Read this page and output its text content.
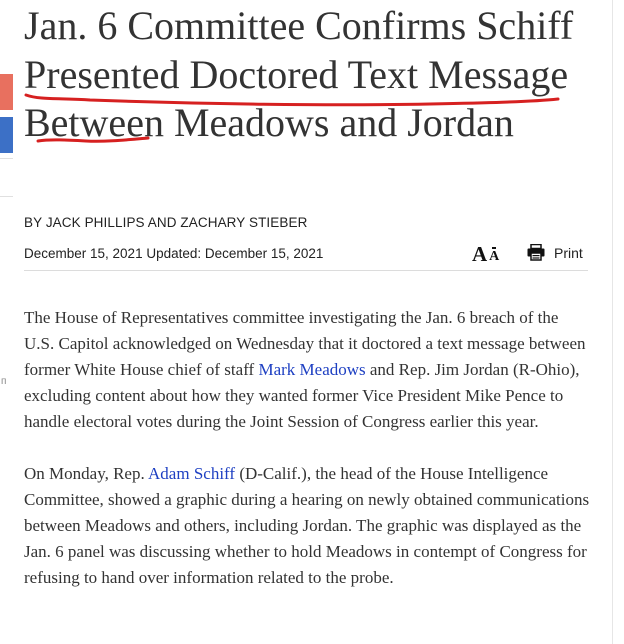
п
Jan. 6 Committee Confirms Schiff Presented Doctored Text Message Between Meadows and Jordan
BY JACK PHILLIPS AND ZACHARY STIEBER
December 15, 2021 Updated: December 15, 2021	A A	Print

The House of Representatives committee investigating the Jan. 6 breach of the U.S. Capitol acknowledged on Wednesday that it doctored a text message between former White House chief of staff Mark Meadows and Rep. Jim Jordan (R-Ohio), excluding content about how they wanted former Vice President Mike Pence to handle electoral votes during the Joint Session of Congress earlier this year.

On Monday, Rep. Adam Schiff (D-Calif.), the head of the House Intelligence Committee, showed a graphic during a hearing on newly obtained communications between Meadows and others, including Jordan. The graphic was displayed as the Jan. 6 panel was discussing whether to hold Meadows in contempt of Congress for refusing to hand over information related to the probe.
